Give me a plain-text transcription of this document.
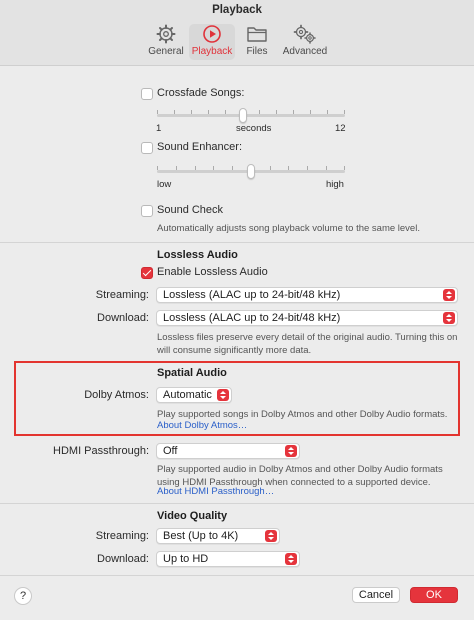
Playback
General Playback	Files	Advanced
Crossfade Songs:
1	seconds	12
Sound Enhancer:
low	high
Sound Check
Automatically adjusts song playback volume to the same level.
Lossless Audio
Enable Lossless Audio
Streaming:	Lossless (ALAC up to 24-bit/48 kHz)
Download:	Lossless (ALAC up to 24-bit/48 kHz)
Lossless files preserve every detail of the original audio. Turning this on
will consume significantly more data.
Spatial Audio
Dolby Atmos:	Automatic
Play supported songs in Dolby Atmos and other Dolby Audio formats.
About Dolby Atmos…
HDMI Passthrough:	Off
Play supported audio in Dolby Atmos and other Dolby Audio formats
using HDMI Passthrough when connected to a supported device.
About HDMI Passthrough…
Video Quality
Streaming:	Best (Up to 4K)
Download:	Up to HD
?	Cancel	OK
